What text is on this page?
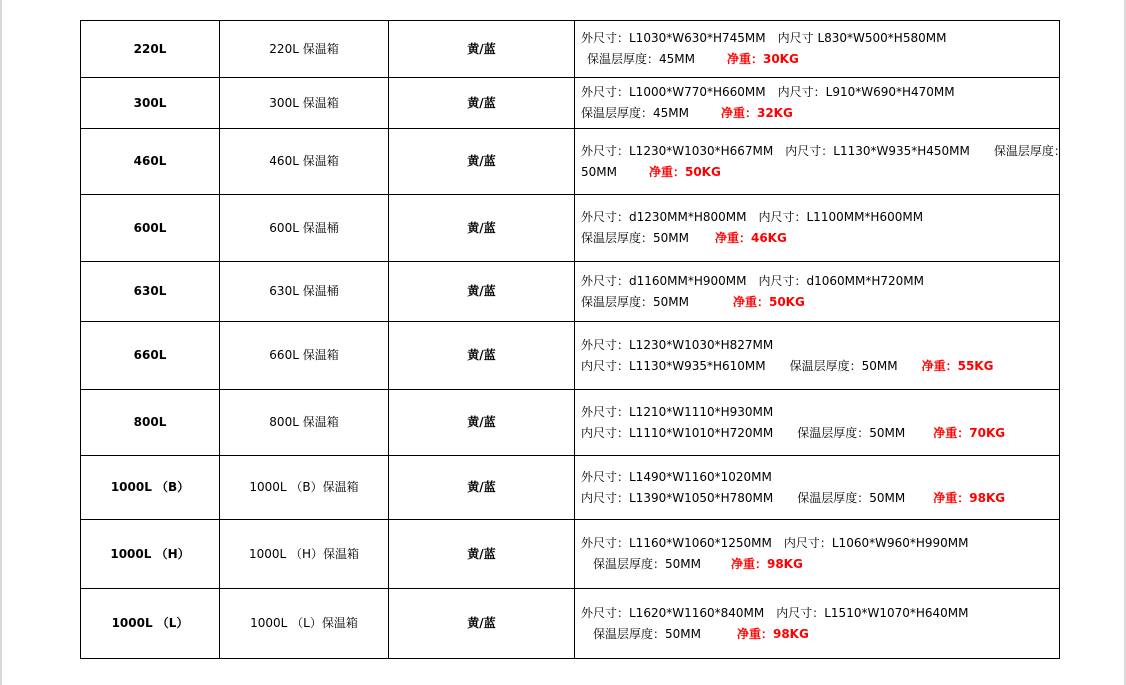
220L	220L 保温箱	黄/蓝	外尺寸：L1030*W630*H745MM　内尺寸 L830*W500*H580MM
保温层厚度：45MM 净重：30KG

300L	300L 保温箱	黄/蓝	外尺寸：L1000*W770*H660MM　内尺寸：L910*W690*H470MM
保温层厚度：45MM 净重：32KG

460L	460L 保温箱	黄/蓝	外尺寸：L1230*W1030*H667MM　内尺寸：L1130*W935*H450MM　　保温层厚度：
50MM 净重：50KG

600L	600L 保温桶	黄/蓝	外尺寸：d1230MM*H800MM　内尺寸：L1100MM*H600MM
保温层厚度：50MM 净重：46KG

630L	630L 保温桶	黄/蓝	外尺寸：d1160MM*H900MM　内尺寸：d1060MM*H720MM
保温层厚度：50MM 净重：50KG

660L	660L 保温箱	黄/蓝	外尺寸：L1230*W1030*H827MM
内尺寸：L1130*W935*H610MM　　保温层厚度：50MM 净重：55KG

800L	800L 保温箱	黄/蓝	外尺寸：L1210*W1110*H930MM
内尺寸：L1110*W1010*H720MM　　保温层厚度：50MM 净重：70KG

1000L （B）	1000L （B）保温箱	黄/蓝	外尺寸：L1490*W1160*1020MM
内尺寸：L1390*W1050*H780MM　　保温层厚度：50MM 净重：98KG

1000L （H）	1000L （H）保温箱	黄/蓝	外尺寸：L1160*W1060*1250MM　内尺寸：L1060*W960*H990MM
保温层厚度：50MM 净重：98KG

1000L （L）	1000L （L）保温箱	黄/蓝	外尺寸：L1620*W1160*840MM　内尺寸：L1510*W1070*H640MM
保温层厚度：50MM 净重：98KG
